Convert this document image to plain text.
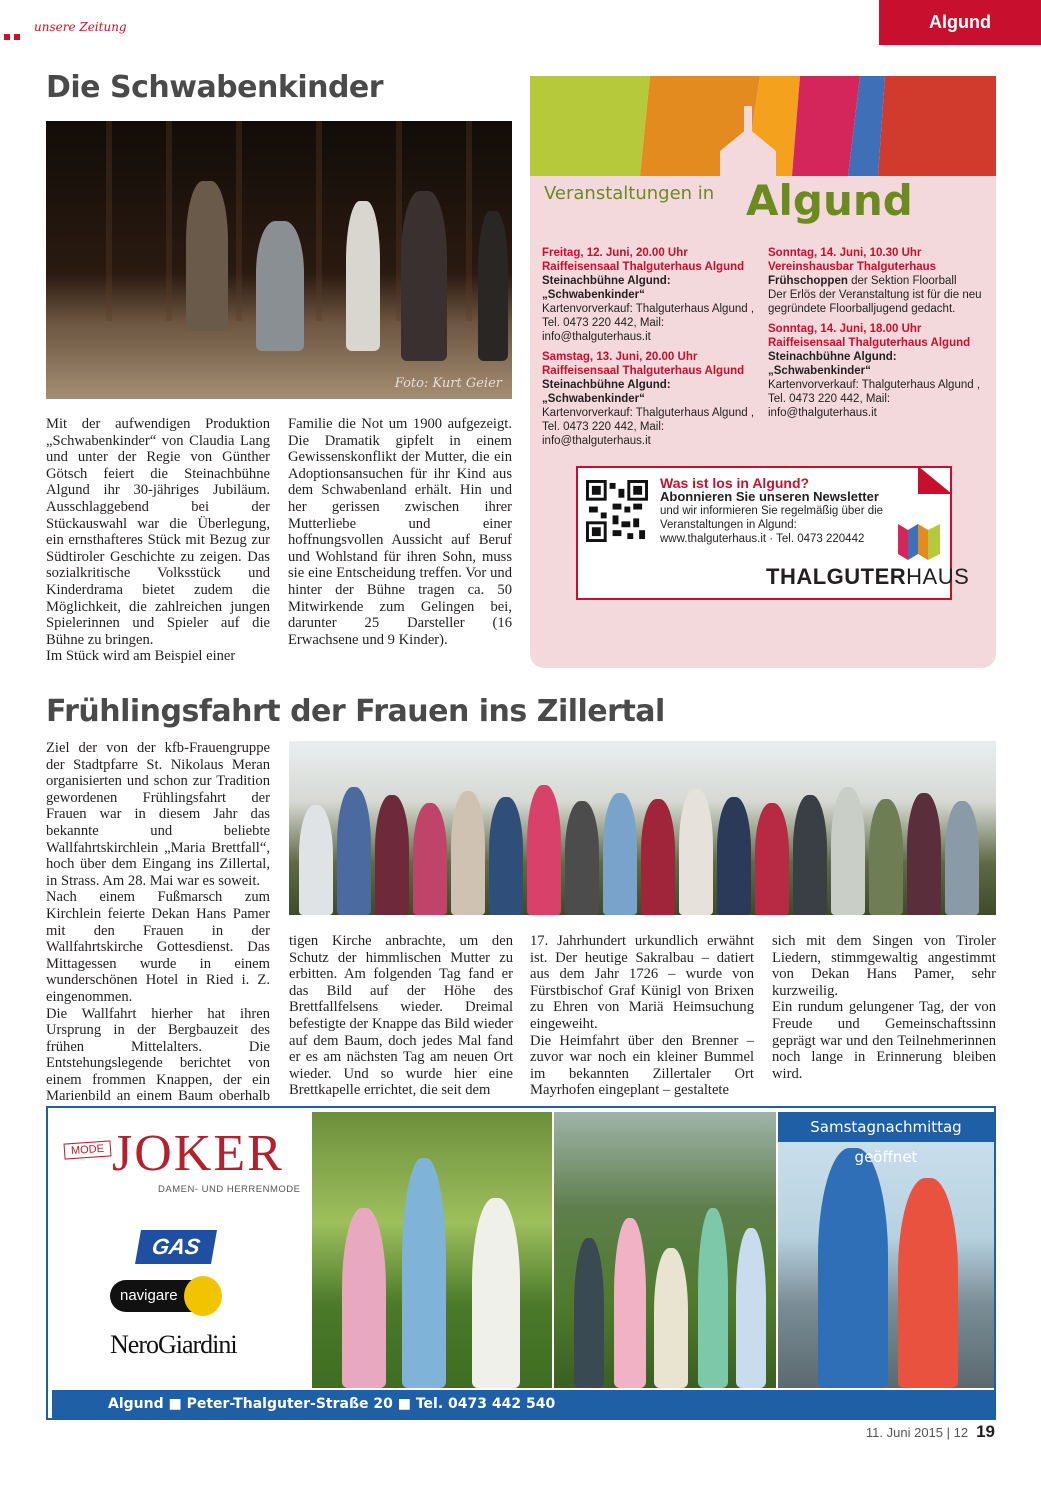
unsere Zeitung	Algund
Die Schwabenkinder
Foto: Kurt Geier

Mit der aufwendigen Produktion „Schwabenkinder“ von Claudia Lang und unter der Regie von Günther Götsch feiert die Steinachbühne Algund ihr 30-jähriges Jubiläum. Ausschlaggebend bei der Stückauswahl war die Überlegung, ein ernsthafteres Stück mit Bezug zur Südtiroler Geschichte zu zeigen. Das sozialkritische Volksstück und Kinderdrama bietet zudem die Möglichkeit, die zahlreichen jungen Spielerinnen und Spieler auf die Bühne zu bringen.

Im Stück wird am Beispiel einer

Familie die Not um 1900 aufgezeigt. Die Dramatik gipfelt in einem Gewissenskonflikt der Mutter, die ein Adoptionsansuchen für ihr Kind aus dem Schwabenland erhält. Hin und her gerissen zwischen ihrer Mutterliebe und einer hoffnungsvollen Aussicht auf Beruf und Wohlstand für ihren Sohn, muss sie eine Entscheidung treffen. Vor und hinter der Bühne tragen ca. 50 Mitwirkende zum Gelingen bei, darunter 25 Darsteller (16 Erwachsene und 9 Kinder).

Veranstaltungen in Algund
Freitag, 12. Juni, 20.00 Uhr
Raiffeisensaal Thalguterhaus Algund
Steinachbühne Algund: „Schwabenkinder“
Kartenvorverkauf: Thalguterhaus Algund , Tel. 0473 220 442, Mail: info@thalguterhaus.it
Samstag, 13. Juni, 20.00 Uhr
Raiffeisensaal Thalguterhaus Algund
Steinachbühne Algund: „Schwabenkinder“
Kartenvorverkauf: Thalguterhaus Algund , Tel. 0473 220 442, Mail: info@thalguterhaus.it
Sonntag, 14. Juni, 10.30 Uhr
Vereinshausbar Thalguterhaus
Frühschoppen der Sektion Floorball
Der Erlös der Veranstaltung ist für die neu gegründete Floorballjugend gedacht.
Sonntag, 14. Juni, 18.00 Uhr
Raiffeisensaal Thalguterhaus Algund
Steinachbühne Algund: „Schwabenkinder“
Kartenvorverkauf: Thalguterhaus Algund , Tel. 0473 220 442, Mail: info@thalguterhaus.it
Was ist los in Algund?
Abonnieren Sie unseren Newsletter
und wir informieren Sie regelmäßig über die Veranstaltungen in Algund:
www.thalguterhaus.it · Tel. 0473 220442
THALGUTERHAUS
Frühlingsfahrt der Frauen ins Zillertal

Ziel der von der kfb-Frauengruppe der Stadtpfarre St. Nikolaus Meran organisierten und schon zur Tradition gewordenen Frühlingsfahrt der Frauen war in diesem Jahr das bekannte und beliebte Wallfahrtskirchlein „Maria Brettfall“, hoch über dem Eingang ins Zillertal, in Strass. Am 28. Mai war es soweit.

Nach einem Fußmarsch zum Kirchlein feierte Dekan Hans Pamer mit den Frauen in der Wallfahrtskirche Gottesdienst. Das Mittagessen wurde in einem wunderschönen Hotel in Ried i. Z. eingenommen.

Die Wallfahrt hierher hat ihren Ursprung in der Bergbauzeit des frühen Mittelalters. Die Entstehungslegende berichtet von einem frommen Knappen, der ein Marienbild an einem Baum oberhalb

tigen Kirche anbrachte, um den Schutz der himmlischen Mutter zu erbitten. Am folgenden Tag fand er das Bild auf der Höhe des Brettfallfelsens wieder. Dreimal befestigte der Knappe das Bild wieder auf dem Baum, doch jedes Mal fand er es am nächsten Tag am neuen Ort wieder. Und so wurde hier eine Brettkapelle errichtet, die seit dem

17. Jahrhundert urkundlich erwähnt ist. Der heutige Sakralbau – datiert aus dem Jahr 1726 – wurde von Fürstbischof Graf Künigl von Brixen zu Ehren von Mariä Heimsuchung eingeweiht.

Die Heimfahrt über den Brenner – zuvor war noch ein kleiner Bummel im bekannten Zillertaler Ort Mayrhofen eingeplant – gestaltete

sich mit dem Singen von Tiroler Liedern, stimmgewaltig angestimmt von Dekan Hans Pamer, sehr kurzweilig.

Ein rundum gelungener Tag, der von Freude und Gemeinschaftssinn geprägt war und den Teilnehmerinnen noch lange in Erinnerung bleiben wird.

MODE JOKER
DAMEN- UND HERRENMODE
GAS
navigare
NeroGiardini
Samstagnachmittag geöffnet
Algund ■ Peter-Thalguter-Straße 20 ■ Tel. 0473 442 540
11. Juni 2015 | 12 19
